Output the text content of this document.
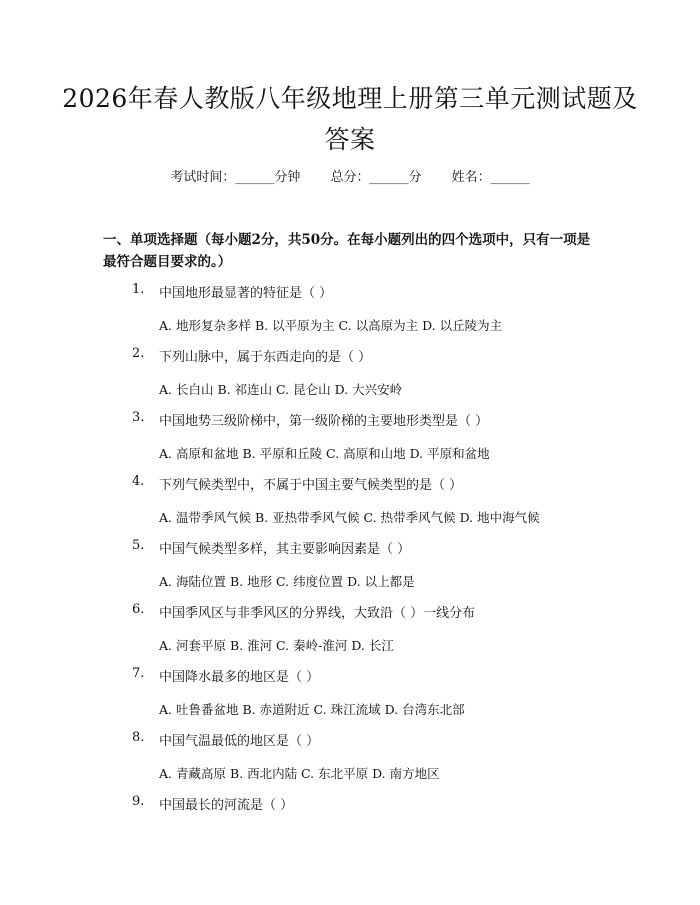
2026年春人教版八年级地理上册第三单元测试题及答案
考试时间：______分钟 总分：______分 姓名：______

一、单项选择题（每小题2分，共50分。在每小题列出的四个选项中，只有一项是最符合题目要求的。）

1.	中国地形最显著的特征是（ ）
A. 地形复杂多样 B. 以平原为主 C. 以高原为主 D. 以丘陵为主
2.	下列山脉中，属于东西走向的是（ ）
A. 长白山 B. 祁连山 C. 昆仑山 D. 大兴安岭
3.	中国地势三级阶梯中，第一级阶梯的主要地形类型是（ ）
A. 高原和盆地 B. 平原和丘陵 C. 高原和山地 D. 平原和盆地
4.	下列气候类型中，不属于中国主要气候类型的是（ ）
A. 温带季风气候 B. 亚热带季风气候 C. 热带季风气候 D. 地中海气候
5.	中国气候类型多样，其主要影响因素是（ ）
A. 海陆位置 B. 地形 C. 纬度位置 D. 以上都是
6.	中国季风区与非季风区的分界线，大致沿（ ）一线分布
A. 河套平原 B. 淮河 C. 秦岭-淮河 D. 长江
7.	中国降水最多的地区是（ ）
A. 吐鲁番盆地 B. 赤道附近 C. 珠江流域 D. 台湾东北部
8.	中国气温最低的地区是（ ）
A. 青藏高原 B. 西北内陆 C. 东北平原 D. 南方地区
9.	中国最长的河流是（ ）
